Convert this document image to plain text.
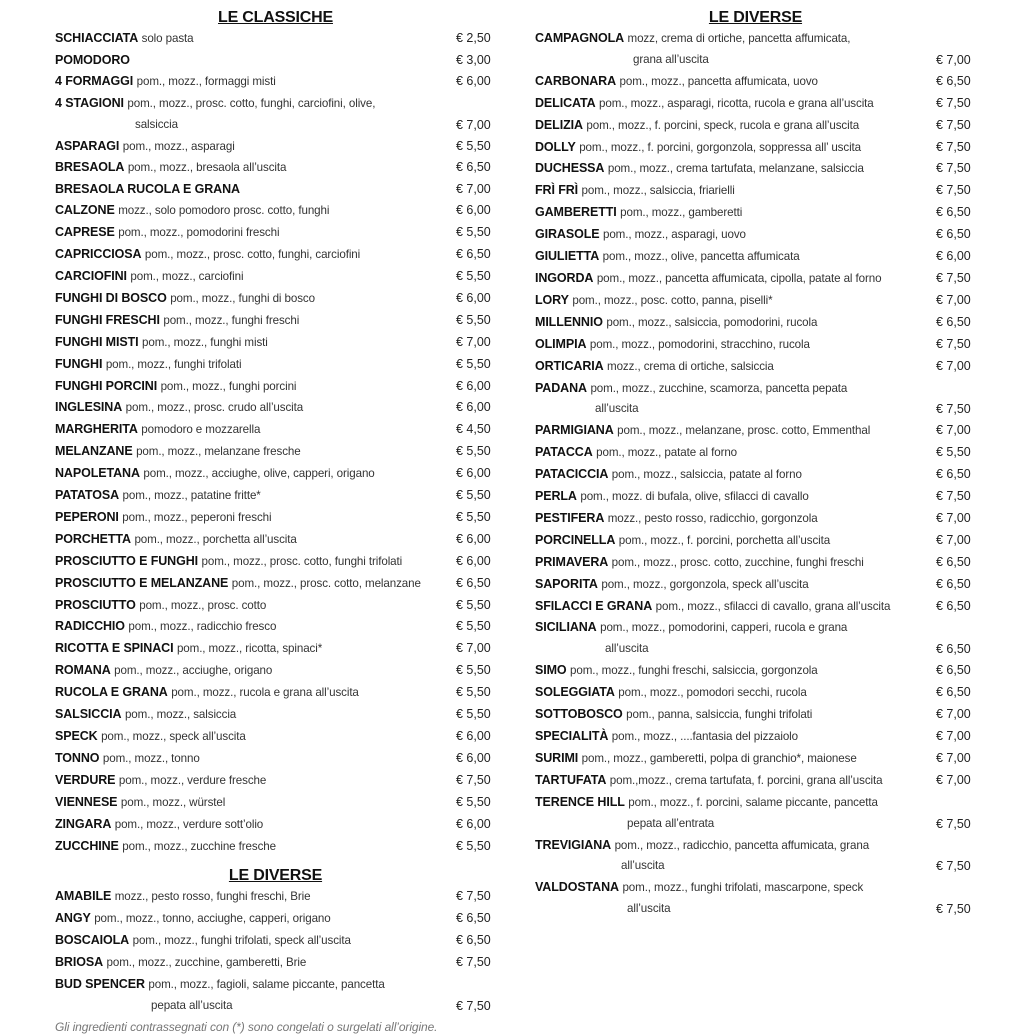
LE CLASSICHE
SCHIACCIATA solo pasta	€ 2,50
POMODORO	€ 3,00
4 FORMAGGI pom., mozz., formaggi misti	€ 6,00
4 STAGIONI pom., mozz., prosc. cotto, funghi, carciofini, olive,
salsiccia	€ 7,00
ASPARAGI pom., mozz., asparagi	€ 5,50
BRESAOLA pom., mozz., bresaola all’uscita	€ 6,50
BRESAOLA RUCOLA E GRANA	€ 7,00
CALZONE mozz., solo pomodoro prosc. cotto, funghi	€ 6,00
CAPRESE pom., mozz., pomodorini freschi	€ 5,50
CAPRICCIOSA pom., mozz., prosc. cotto, funghi, carciofini	€ 6,50
CARCIOFINI pom., mozz., carciofini	€ 5,50
FUNGHI DI BOSCO pom., mozz., funghi di bosco	€ 6,00
FUNGHI FRESCHI pom., mozz., funghi freschi	€ 5,50
FUNGHI MISTI pom., mozz., funghi misti	€ 7,00
FUNGHI pom., mozz., funghi trifolati	€ 5,50
FUNGHI PORCINI pom., mozz., funghi porcini	€ 6,00
INGLESINA pom., mozz., prosc. crudo all’uscita	€ 6,00
MARGHERITA pomodoro e mozzarella	€ 4,50
MELANZANE pom., mozz., melanzane fresche	€ 5,50
NAPOLETANA pom., mozz., acciughe, olive, capperi, origano	€ 6,00
PATATOSA pom., mozz., patatine fritte*	€ 5,50
PEPERONI pom., mozz., peperoni freschi	€ 5,50
PORCHETTA pom., mozz., porchetta all’uscita	€ 6,00
PROSCIUTTO E FUNGHI pom., mozz., prosc. cotto, funghi trifolati	€ 6,00
PROSCIUTTO E MELANZANE pom., mozz., prosc. cotto, melanzane	€ 6,50
PROSCIUTTO pom., mozz., prosc. cotto	€ 5,50
RADICCHIO pom., mozz., radicchio fresco	€ 5,50
RICOTTA E SPINACI pom., mozz., ricotta, spinaci*	€ 7,00
ROMANA pom., mozz., acciughe, origano	€ 5,50
RUCOLA E GRANA pom., mozz., rucola e grana all’uscita	€ 5,50
SALSICCIA pom., mozz., salsiccia	€ 5,50
SPECK pom., mozz., speck all’uscita	€ 6,00
TONNO pom., mozz., tonno	€ 6,00
VERDURE pom., mozz., verdure fresche	€ 7,50
VIENNESE pom., mozz., würstel	€ 5,50
ZINGARA pom., mozz., verdure sott’olio	€ 6,00
ZUCCHINE pom., mozz., zucchine fresche	€ 5,50
LE DIVERSE
AMABILE mozz., pesto rosso, funghi freschi, Brie	€ 7,50
ANGY pom., mozz., tonno, acciughe, capperi, origano	€ 6,50
BOSCAIOLA pom., mozz., funghi trifolati, speck all’uscita	€ 6,50
BRIOSA pom., mozz., zucchine, gamberetti, Brie	€ 7,50
BUD SPENCER pom., mozz., fagioli, salame piccante, pancetta
pepata all’uscita	€ 7,50
Gli ingredienti contrassegnati con (*) sono congelati o surgelati all’origine.
LE DIVERSE
CAMPAGNOLA mozz, crema di ortiche, pancetta affumicata,
grana all’uscita	€ 7,00
CARBONARA pom., mozz., pancetta affumicata, uovo	€ 6,50
DELICATA pom., mozz., asparagi, ricotta, rucola e grana all’uscita	€ 7,50
DELIZIA pom., mozz., f. porcini, speck, rucola e grana all’uscita	€ 7,50
DOLLY pom., mozz., f. porcini, gorgonzola, soppressa all’ uscita	€ 7,50
DUCHESSA pom., mozz., crema tartufata, melanzane, salsiccia	€ 7,50
FRÌ FRÌ pom., mozz., salsiccia, friarielli	€ 7,50
GAMBERETTI pom., mozz., gamberetti	€ 6,50
GIRASOLE pom., mozz., asparagi, uovo	€ 6,50
GIULIETTA pom., mozz., olive, pancetta affumicata	€ 6,00
INGORDA pom., mozz., pancetta affumicata, cipolla, patate al forno	€ 7,50
LORY pom., mozz., posc. cotto, panna, piselli*	€ 7,00
MILLENNIO pom., mozz., salsiccia, pomodorini, rucola	€ 6,50
OLIMPIA pom., mozz., pomodorini, stracchino, rucola	€ 7,50
ORTICARIA mozz., crema di ortiche, salsiccia	€ 7,00
PADANA pom., mozz., zucchine, scamorza, pancetta pepata
all’uscita	€ 7,50
PARMIGIANA pom., mozz., melanzane, prosc. cotto, Emmenthal	€ 7,00
PATACCA pom., mozz., patate al forno	€ 5,50
PATACICCIA pom., mozz., salsiccia, patate al forno	€ 6,50
PERLA pom., mozz. di bufala, olive, sfilacci di cavallo	€ 7,50
PESTIFERA mozz., pesto rosso, radicchio, gorgonzola	€ 7,00
PORCINELLA pom., mozz., f. porcini, porchetta all’uscita	€ 7,00
PRIMAVERA pom., mozz., prosc. cotto, zucchine, funghi freschi	€ 6,50
SAPORITA pom., mozz., gorgonzola, speck all’uscita	€ 6,50
SFILACCI E GRANA pom., mozz., sfilacci di cavallo, grana all’uscita	€ 6,50
SICILIANA pom., mozz., pomodorini, capperi, rucola e grana
all’uscita	€ 6,50
SIMO pom., mozz., funghi freschi, salsiccia, gorgonzola	€ 6,50
SOLEGGIATA pom., mozz., pomodori secchi, rucola	€ 6,50
SOTTOBOSCO pom., panna, salsiccia, funghi trifolati	€ 7,00
SPECIALITÀ pom., mozz., ....fantasia del pizzaiolo	€ 7,00
SURIMI pom., mozz., gamberetti, polpa di granchio*, maionese	€ 7,00
TARTUFATA pom.,mozz., crema tartufata, f. porcini, grana all’uscita	€ 7,00
TERENCE HILL pom., mozz., f. porcini, salame piccante, pancetta
pepata all’entrata	€ 7,50
TREVIGIANA pom., mozz., radicchio, pancetta affumicata, grana
all’uscita	€ 7,50
VALDOSTANA pom., mozz., funghi trifolati, mascarpone, speck
all’uscita	€ 7,50
